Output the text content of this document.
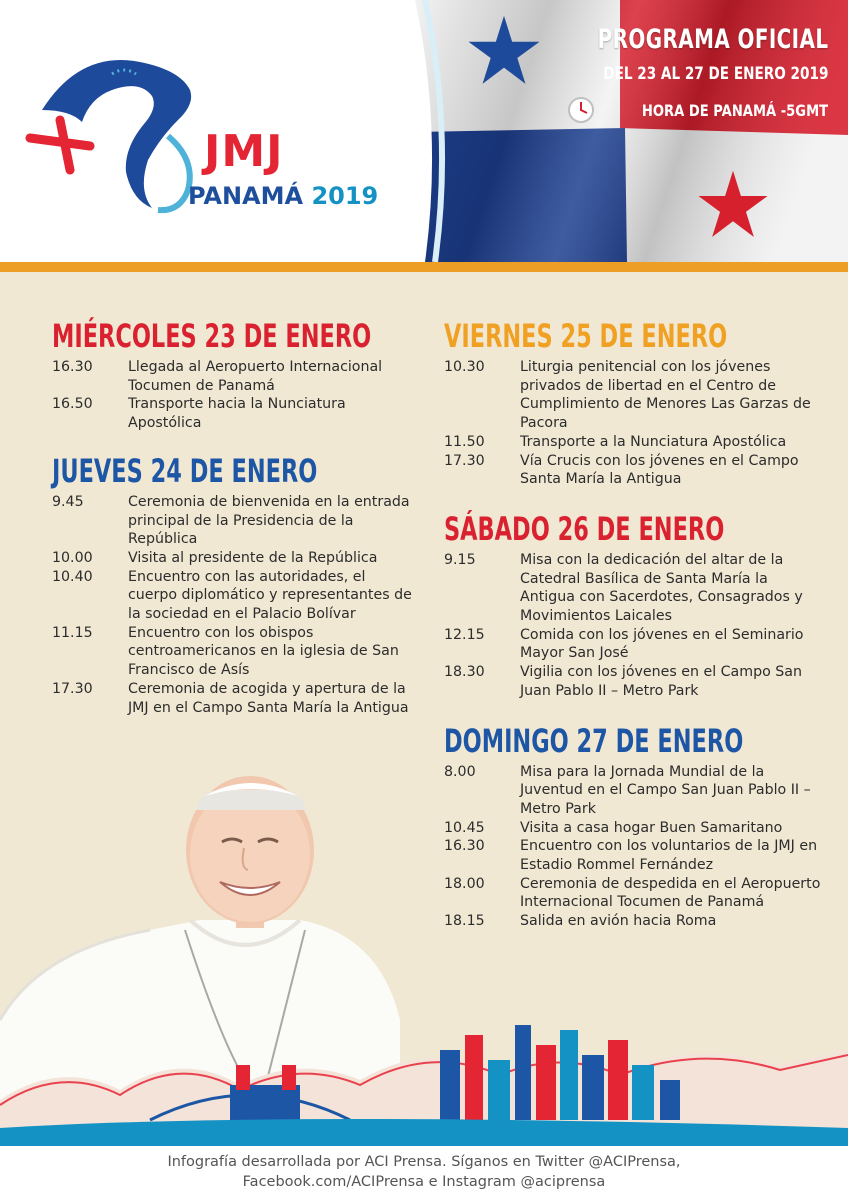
JMJ
PANAMÁ 2019
PROGRAMA OFICIAL
DEL 23 AL 27 DE ENERO 2019
HORA DE PANAMÁ -5GMT
MIÉRCOLES 23 DE ENERO
16.30	Llegada al Aeropuerto Internacional Tocumen de Panamá
16.50	Transporte hacia la Nunciatura Apostólica
JUEVES 24 DE ENERO
9.45	Ceremonia de bienvenida en la entrada principal de la Presidencia de la República
10.00	Visita al presidente de la República
10.40	Encuentro con las autoridades, el cuerpo diplomático y representantes de la sociedad en el Palacio Bolívar
11.15	Encuentro con los obispos centroamericanos en la iglesia de San Francisco de Asís
17.30	Ceremonia de acogida y apertura de la JMJ en el Campo Santa María la Antigua
VIERNES 25 DE ENERO
10.30	Liturgia penitencial con los jóvenes privados de libertad en el Centro de Cumplimiento de Menores Las Garzas de Pacora
11.50	Transporte a la Nunciatura Apostólica
17.30	Vía Crucis con los jóvenes en el Campo Santa María la Antigua
SÁBADO 26 DE ENERO
9.15	Misa con la dedicación del altar de la Catedral Basílica de Santa María la Antigua con Sacerdotes, Consagrados y Movimientos Laicales
12.15	Comida con los jóvenes en el Seminario Mayor San José
18.30	Vigilia con los jóvenes en el Campo San Juan Pablo II – Metro Park
DOMINGO 27 DE ENERO
8.00	Misa para la Jornada Mundial de la Juventud en el Campo San Juan Pablo II – Metro Park
10.45	Visita a casa hogar Buen Samaritano
16.30	Encuentro con los voluntarios de la JMJ en Estadio Rommel Fernández
18.00	Ceremonia de despedida en el Aeropuerto Internacional Tocumen de Panamá
18.15	Salida en avión hacia Roma
Infografía desarrollada por ACI Prensa. Síganos en Twitter @ACIPrensa,
Facebook.com/ACIPrensa e Instagram @aciprensa
